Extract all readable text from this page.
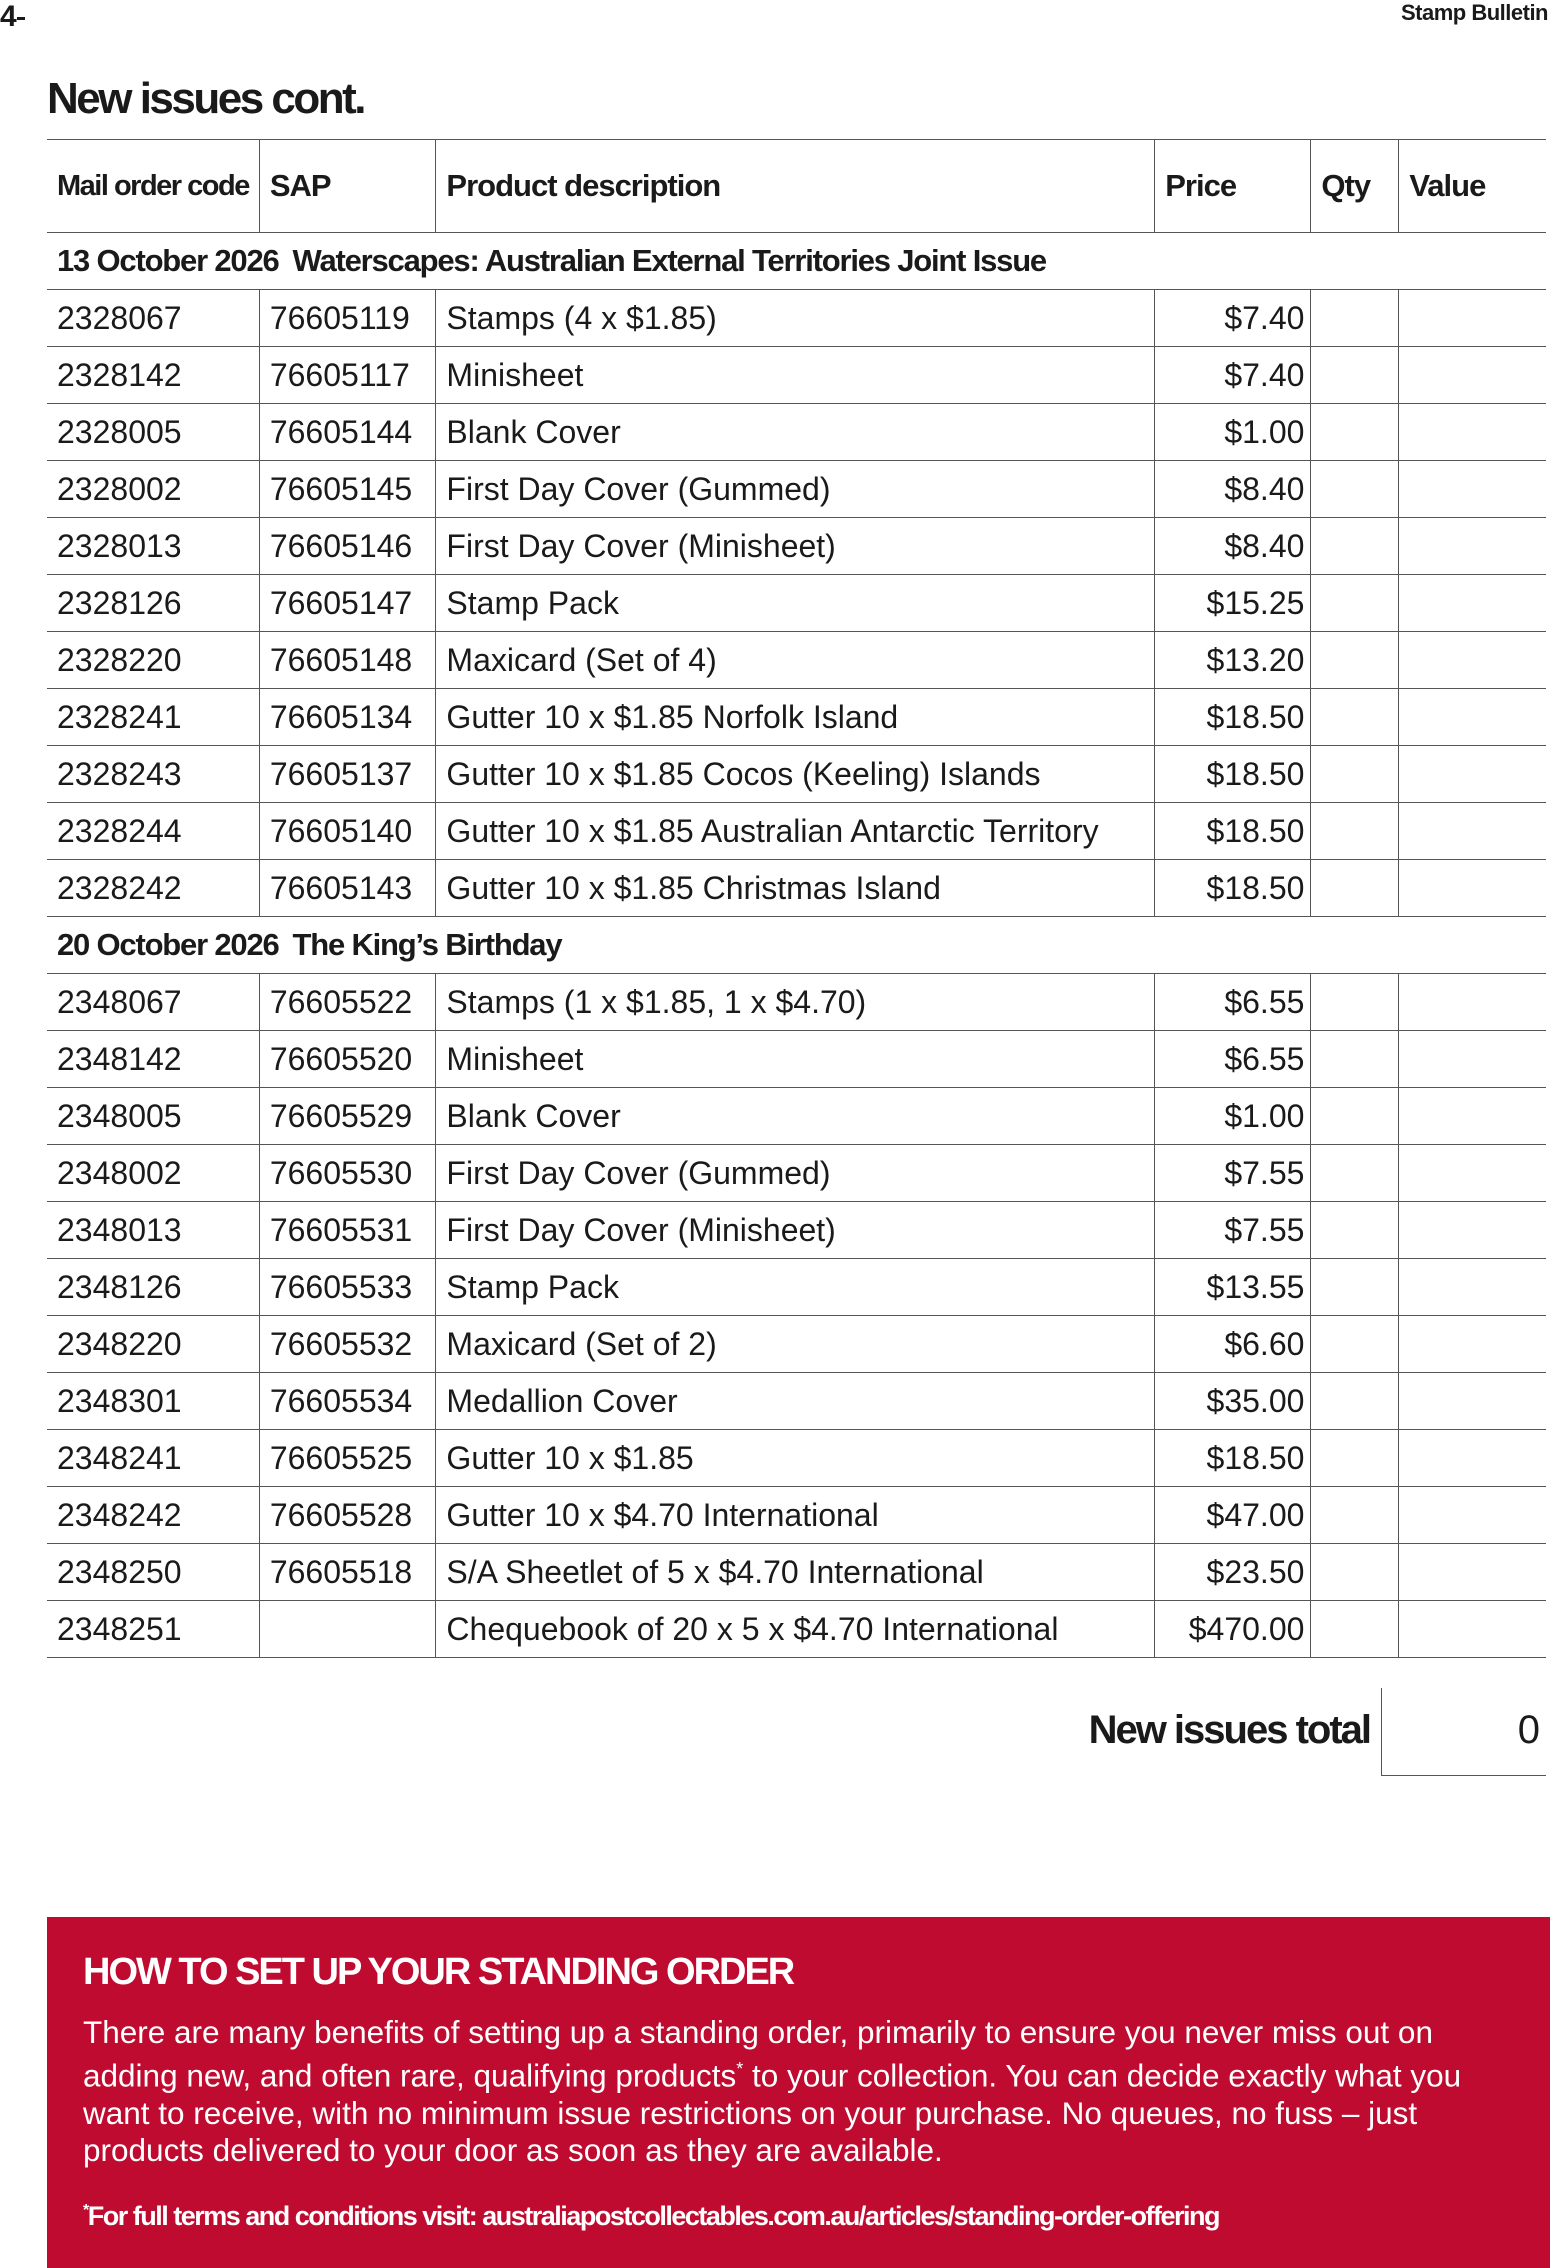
4	Stamp Bulletin
New issues cont.
Mail order code	SAP	Product description	Price	Qty	Value
13 October 2026 Waterscapes: Australian External Territories Joint Issue					
2328067	76605119	Stamps (4 x $1.85)	$7.40		
2328142	76605117	Minisheet	$7.40		
2328005	76605144	Blank Cover	$1.00		
2328002	76605145	First Day Cover (Gummed)	$8.40		
2328013	76605146	First Day Cover (Minisheet)	$8.40		
2328126	76605147	Stamp Pack	$15.25		
2328220	76605148	Maxicard (Set of 4)	$13.20		
2328241	76605134	Gutter 10 x $1.85 Norfolk Island	$18.50		
2328243	76605137	Gutter 10 x $1.85 Cocos (Keeling) Islands	$18.50		
2328244	76605140	Gutter 10 x $1.85 Australian Antarctic Territory	$18.50		
2328242	76605143	Gutter 10 x $1.85 Christmas Island	$18.50		
20 October 2026 The King’s Birthday					
2348067	76605522	Stamps (1 x $1.85, 1 x $4.70)	$6.55		
2348142	76605520	Minisheet	$6.55		
2348005	76605529	Blank Cover	$1.00		
2348002	76605530	First Day Cover (Gummed)	$7.55		
2348013	76605531	First Day Cover (Minisheet)	$7.55		
2348126	76605533	Stamp Pack	$13.55		
2348220	76605532	Maxicard (Set of 2)	$6.60		
2348301	76605534	Medallion Cover	$35.00		
2348241	76605525	Gutter 10 x $1.85	$18.50		
2348242	76605528	Gutter 10 x $4.70 International	$47.00		
2348250	76605518	S/A Sheetlet of 5 x $4.70 International	$23.50		
2348251		Chequebook of 20 x 5 x $4.70 International	$470.00		
New issues total	0
HOW TO SET UP YOUR STANDING ORDER

There are many benefits of setting up a standing order, primarily to ensure you never miss out on adding new, and often rare, qualifying products* to your collection. You can decide exactly what you want to receive, with no minimum issue restrictions on your purchase. No queues, no fuss – just products delivered to your door as soon as they are available.

*For full terms and conditions visit: australiapostcollectables.com.au/articles/standing-order-offering
